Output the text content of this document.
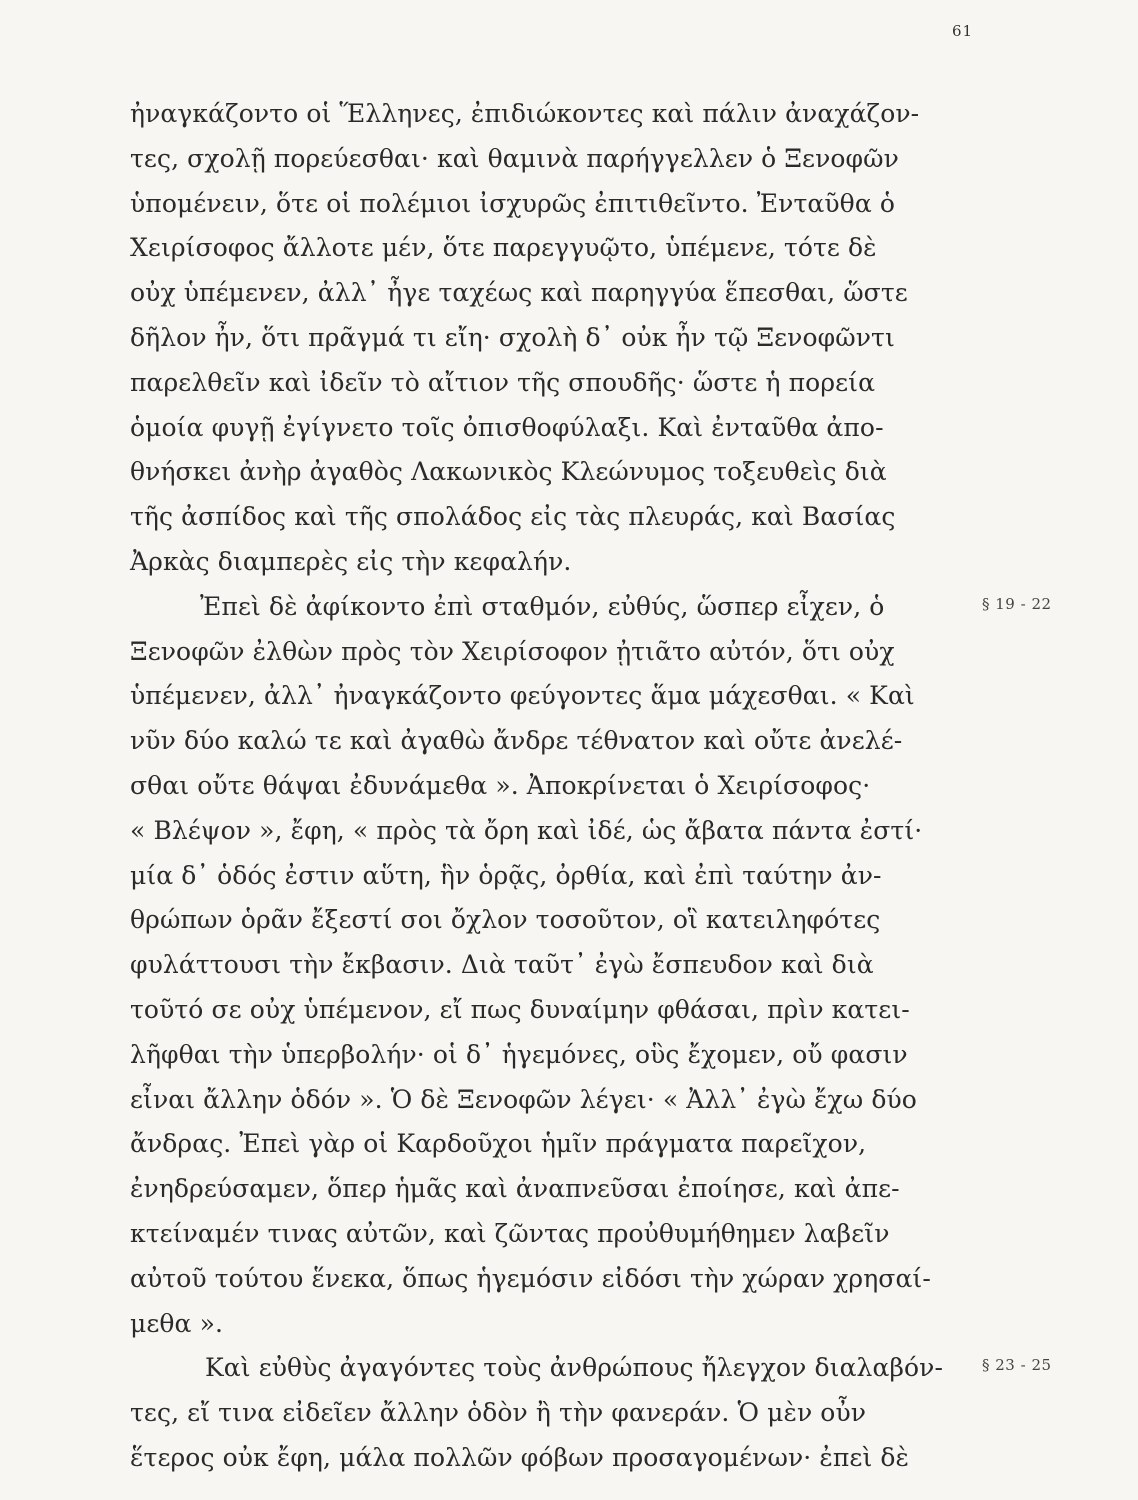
61
ἠναγκάζοντο οἱ Ἕλληνες, ἐπιδιώκοντες καὶ πάλιν ἀναχάζον-
τες, σχολῇ πορεύεσθαι· καὶ θαμινὰ παρήγγελλεν ὁ Ξενοφῶν
ὑπομένειν, ὅτε οἱ πολέμιοι ἰσχυρῶς ἐπιτιθεῖντο. Ἐνταῦθα ὁ
Χειρίσοφος ἄλλοτε μέν, ὅτε παρεγγυῷτο, ὑπέμενε, τότε δὲ
οὐχ ὑπέμενεν, ἀλλ᾽ ἦγε ταχέως καὶ παρηγγύα ἕπεσθαι, ὥστε
δῆλον ἦν, ὅτι πρᾶγμά τι εἴη· σχολὴ δ᾽ οὐκ ἦν τῷ Ξενοφῶντι
παρελθεῖν καὶ ἰδεῖν τὸ αἴτιον τῆς σπουδῆς· ὥστε ἡ πορεία
ὁμοία φυγῇ ἐγίγνετο τοῖς ὀπισθοφύλαξι. Καὶ ἐνταῦθα ἀπο-
θνήσκει ἀνὴρ ἀγαθὸς Λακωνικὸς Κλεώνυμος τοξευθεὶς διὰ
τῆς ἀσπίδος καὶ τῆς σπολάδος εἰς τὰς πλευράς, καὶ Βασίας
Ἀρκὰς διαμπερὲς εἰς τὴν κεφαλήν.
Ἐπεὶ δὲ ἀφίκοντο ἐπὶ σταθμόν, εὐθύς, ὥσπερ εἶχεν, ὁ
Ξενοφῶν ἐλθὼν πρὸς τὸν Χειρίσοφον ᾐτιᾶτο αὐτόν, ὅτι οὐχ
ὑπέμενεν, ἀλλ᾽ ἠναγκάζοντο φεύγοντες ἅμα μάχεσθαι. « Καὶ
νῦν δύο καλώ τε καὶ ἀγαθὼ ἄνδρε τέθνατον καὶ οὔτε ἀνελέ-
σθαι οὔτε θάψαι ἐδυνάμεθα ». Ἀποκρίνεται ὁ Χειρίσοφος·
« Βλέψον », ἔφη, « πρὸς τὰ ὄρη καὶ ἰδέ, ὡς ἄβατα πάντα ἐστί·
μία δ᾽ ὁδός ἐστιν αὕτη, ἣν ὁρᾷς, ὀρθία, καὶ ἐπὶ ταύτην ἀν-
θρώπων ὁρᾶν ἔξεστί σοι ὄχλον τοσοῦτον, οἳ κατειληφότες
φυλάττουσι τὴν ἔκβασιν. Διὰ ταῦτ᾽ ἐγὼ ἔσπευδον καὶ διὰ
τοῦτό σε οὐχ ὑπέμενον, εἴ πως δυναίμην φθάσαι, πρὶν κατει-
λῆφθαι τὴν ὑπερβολήν· οἱ δ᾽ ἡγεμόνες, οὓς ἔχομεν, οὔ φασιν
εἶναι ἄλλην ὁδόν ». Ὁ δὲ Ξενοφῶν λέγει· « Ἀλλ᾽ ἐγὼ ἔχω δύο
ἄνδρας. Ἐπεὶ γὰρ οἱ Καρδοῦχοι ἡμῖν πράγματα παρεῖχον,
ἐνηδρεύσαμεν, ὅπερ ἡμᾶς καὶ ἀναπνεῦσαι ἐποίησε, καὶ ἀπε-
κτείναμέν τινας αὐτῶν, καὶ ζῶντας προὐθυμήθημεν λαβεῖν
αὐτοῦ τούτου ἕνεκα, ὅπως ἡγεμόσιν εἰδόσι τὴν χώραν χρησαί-
μεθα ».
Καὶ εὐθὺς ἀγαγόντες τοὺς ἀνθρώπους ἤλεγχον διαλαβόν-
τες, εἴ τινα εἰδεῖεν ἄλλην ὁδὸν ἢ τὴν φανεράν. Ὁ μὲν οὖν
ἕτερος οὐκ ἔφη, μάλα πολλῶν φόβων προσαγομένων· ἐπεὶ δὲ
§ 19 - 22
§ 23 - 25
